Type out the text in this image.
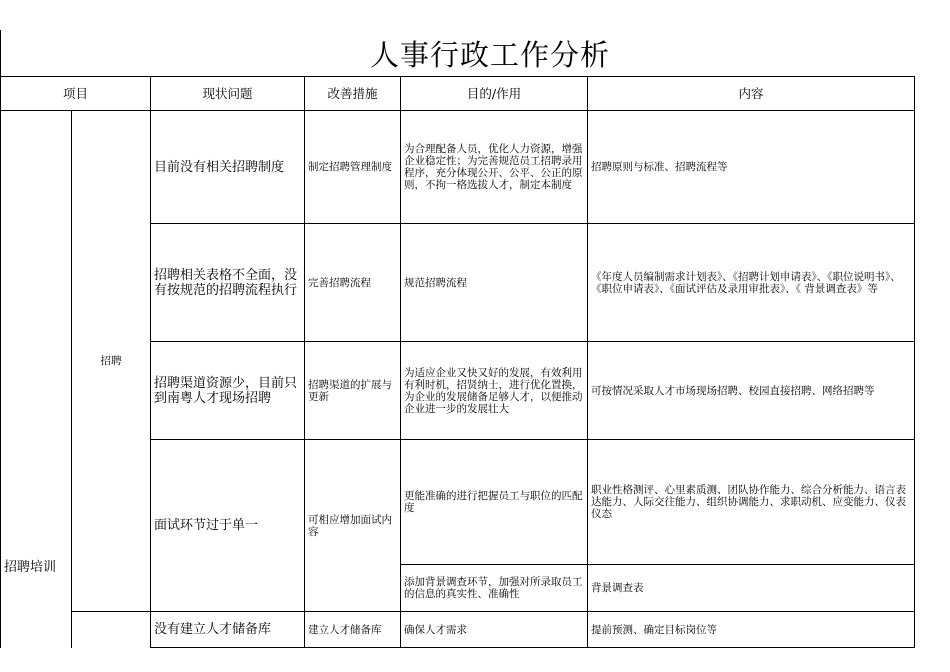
人事行政工作分析
项目		现状问题	改善措施	目的/作用	内容
招聘培训	招聘	目前没有相关招聘制度	制定招聘管理制度	为合理配备人员，优化人力资源，增强企业稳定性；为完善规范员工招聘录用程序，充分体现公开、公平、公正的原则，不拘一格选拔人才，制定本制度	招聘原则与标准、招聘流程等
		招聘相关表格不全面，没有按规范的招聘流程执行	完善招聘流程	规范招聘流程	《年度人员编制需求计划表》、《招聘计划申请表》、《职位说明书》、《职位申请表》、《面试评估及录用审批表》、《 背景调查表》等
		招聘渠道资源少，目前只到南粤人才现场招聘	招聘渠道的扩展与更新	为适应企业又快又好的发展，有效利用有利时机，招贤纳士，进行优化置换，为企业的发展储备足够人才，以便推动企业进一步的发展壮大	可按情况采取人才市场现场招聘、校园直接招聘、网络招聘等
		面试环节过于单一	可相应增加面试内容	更能准确的进行把握员工与职位的匹配度	职业性格测评、心里素质测、团队协作能力、综合分析能力、语言表达能力、人际交往能力、组织协调能力、求职动机、应变能力、仪表仪态
				添加背景调查环节，加强对所录取员工的信息的真实性、准确性	背景调查表
		没有建立人才储备库	建立人才储备库	确保人才需求	提前预测、确定目标岗位等
